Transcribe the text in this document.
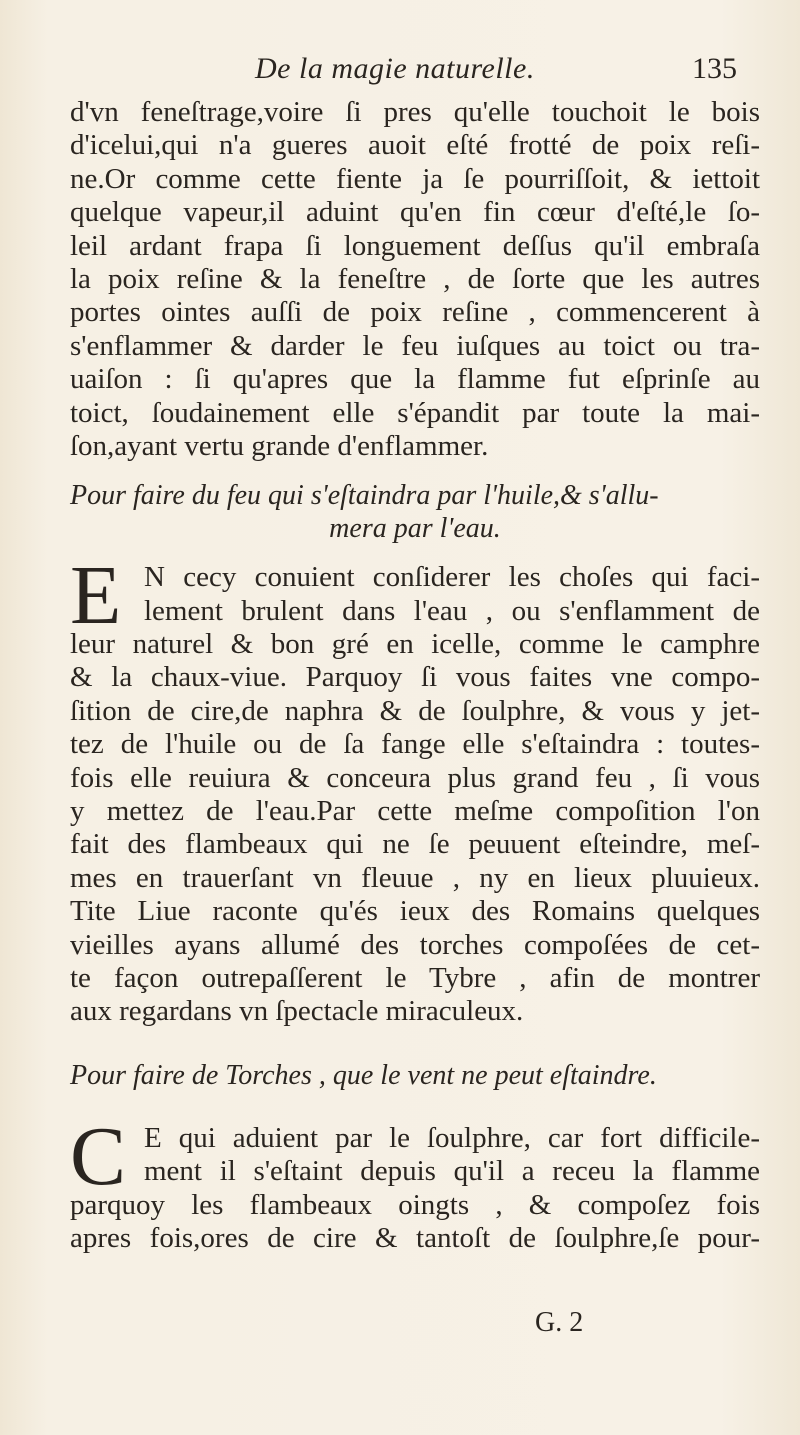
De la magie naturelle.	135
d'vn feneſtrage,voire ſi pres qu'elle touchoit le bois
d'icelui,qui n'a gueres auoit eſté frotté de poix reſi-
ne.Or comme cette fiente ja ſe pourriſſoit, & iettoit
quelque vapeur,il aduint qu'en fin cœur d'eſté,le ſo-
leil ardant frapa ſi longuement deſſus qu'il embraſa
la poix reſine & la feneſtre , de ſorte que les autres
portes ointes auſſi de poix reſine , commencerent à
s'enflammer & darder le feu iuſques au toict ou tra-
uaiſon : ſi qu'apres que la flamme fut eſprinſe au
toict, ſoudainement elle s'épandit par toute la mai-
ſon,ayant vertu grande d'enflammer.
Pour faire du feu qui s'eſtaindra par l'huile,& s'allu-
mera par l'eau.
E N cecy conuient conſiderer les choſes qui faci-
lement brulent dans l'eau , ou s'enflamment de
leur naturel & bon gré en icelle, comme le camphre
& la chaux-viue. Parquoy ſi vous faites vne compo-
ſition de cire,de naphra & de ſoulphre, & vous y jet-
tez de l'huile ou de ſa fange elle s'eſtaindra : toutes-
fois elle reuiura & conceura plus grand feu , ſi vous
y mettez de l'eau.Par cette meſme compoſition l'on
fait des flambeaux qui ne ſe peuuent eſteindre, meſ-
mes en trauerſant vn fleuue , ny en lieux pluuieux.
Tite Liue raconte qu'és ieux des Romains quelques
vieilles ayans allumé des torches compoſées de cet-
te façon outrepaſſerent le Tybre , afin de montrer
aux regardans vn ſpectacle miraculeux.
Pour faire de Torches , que le vent ne peut eſtaindre.
C E qui aduient par le ſoulphre, car fort difficile-
ment il s'eſtaint depuis qu'il a receu la flamme
parquoy les flambeaux oingts , & compoſez fois
apres fois,ores de cire & tantoſt de ſoulphre,ſe pour-
G. 2
